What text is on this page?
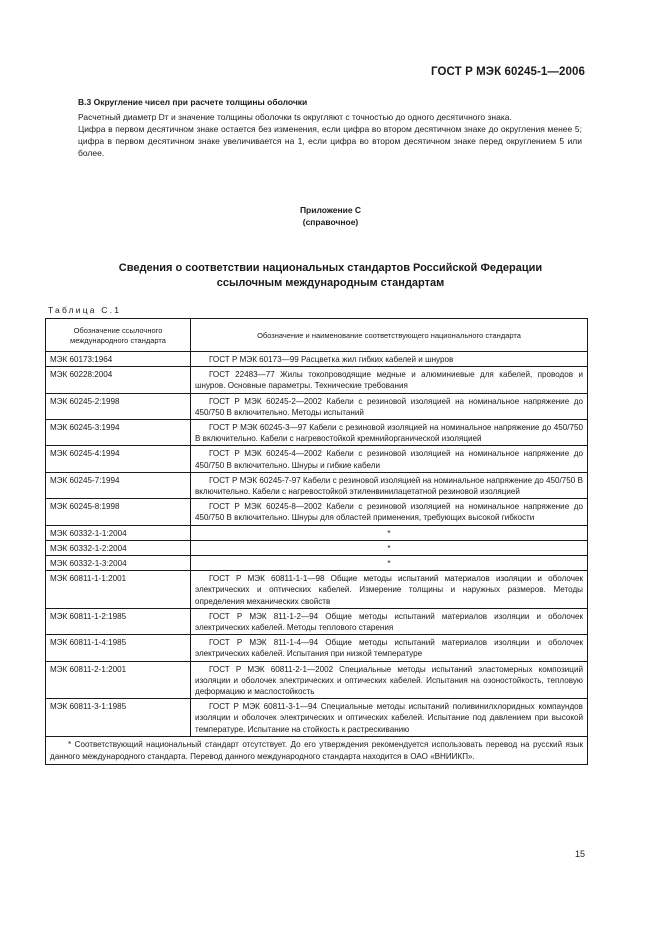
ГОСТ Р МЭК 60245-1—2006
B.3 Округление чисел при расчете толщины оболочки
Расчетный диаметр Dт и значение толщины оболочки ts округляют с точностью до одного десятичного знака.
Цифра в первом десятичном знаке остается без изменения, если цифра во втором десятичном знаке до округления менее 5; цифра в первом десятичном знаке увеличивается на 1, если цифра во втором десятичном знаке перед округлением 5 или более.
Приложение С
(справочное)
Сведения о соответствии национальных стандартов Российской Федерации ссылочным международным стандартам
Таблица С.1
Обозначение ссылочного международного стандарта	Обозначение и наименование соответствующего национального стандарта
МЭК 60173:1964	ГОСТ Р МЭК 60173—99 Расцветка жил гибких кабелей и шнуров
МЭК 60228:2004	ГОСТ 22483—77 Жилы токопроводящие медные и алюминиевые для кабелей, проводов и шнуров. Основные параметры. Технические требования
МЭК 60245-2:1998	ГОСТ Р МЭК 60245-2—2002 Кабели с резиновой изоляцией на номинальное напряжение до 450/750 В включительно. Методы испытаний
МЭК 60245-3:1994	ГОСТ Р МЭК 60245-3—97 Кабели с резиновой изоляцией на номинальное напряжение до 450/750 В включительно. Кабели с нагревостойкой кремнийорганической изоляцией
МЭК 60245-4:1994	ГОСТ Р МЭК 60245-4—2002 Кабели с резиновой изоляцией на номинальное напряжение до 450/750 В включительно. Шнуры и гибкие кабели
МЭК 60245-7:1994	ГОСТ Р МЭК 60245-7-97 Кабели с резиновой изоляцией на номинальное напряжение до 450/750 В включительно. Кабели с нагревостойкой этиленвинилацетатной резиновой изоляцией
МЭК 60245-8:1998	ГОСТ Р МЭК 60245-8—2002 Кабели с резиновой изоляцией на номинальное напряжение до 450/750 В включительно. Шнуры для областей применения, требующих высокой гибкости
МЭК 60332-1-1:2004	*
МЭК 60332-1-2:2004	*
МЭК 60332-1-3:2004	*
МЭК 60811-1-1:2001	ГОСТ Р МЭК 60811-1-1—98 Общие методы испытаний материалов изоляции и оболочек электрических и оптических кабелей. Измерение толщины и наружных размеров. Методы определения механических свойств
МЭК 60811-1-2:1985	ГОСТ Р МЭК 811-1-2—94 Общие методы испытаний материалов изоляции и оболочек электрических кабелей. Методы теплового старения
МЭК 60811-1-4:1985	ГОСТ Р МЭК 811-1-4—94 Общие методы испытаний материалов изоляции и оболочек электрических кабелей. Испытания при низкой температуре
МЭК 60811-2-1:2001	ГОСТ Р МЭК 60811-2-1—2002 Специальные методы испытаний эластомерных композиций изоляции и оболочек электрических и оптических кабелей. Испытания на озоностойкость, тепловую деформацию и маслостойкость
МЭК 60811-3-1:1985	ГОСТ Р МЭК 60811-3-1—94 Специальные методы испытаний поливинилхлоридных компаундов изоляции и оболочек электрических и оптических кабелей. Испытание под давлением при высокой температуре. Испытание на стойкость к растрескиванию
* Соответствующий национальный стандарт отсутствует. До его утверждения рекомендуется использовать перевод на русский язык данного международного стандарта. Перевод данного международного стандарта находится в ОАО «ВНИИКП».	
15
